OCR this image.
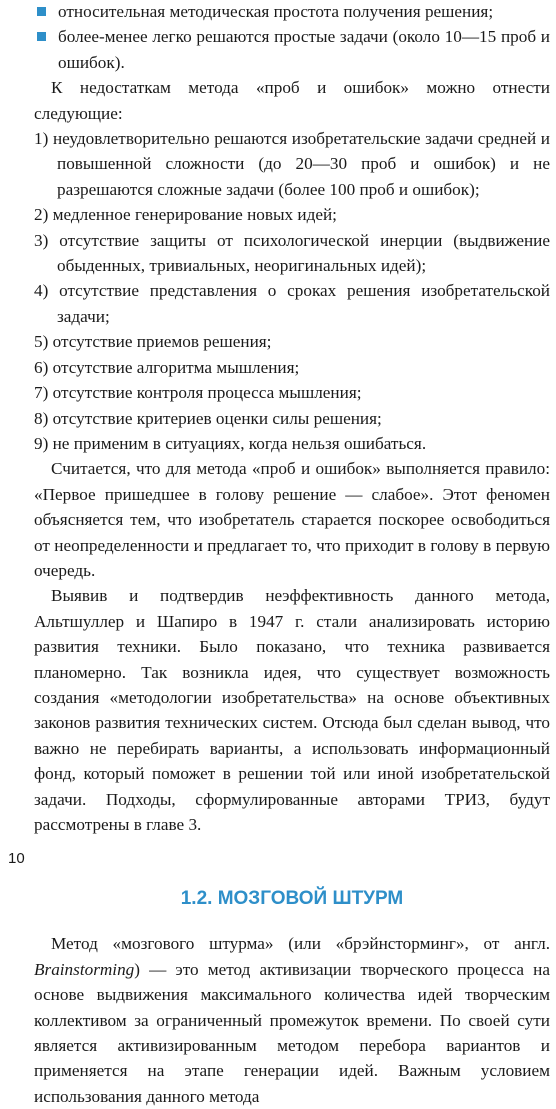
относительная методическая простота получения решения;
более-менее легко решаются простые задачи (около 10—15 проб и ошибок).

К недостаткам метода «проб и ошибок» можно отнести следующие:

1) неудовлетворительно решаются изобретательские задачи средней и повышенной сложности (до 20—30 проб и ошибок) и не разрешаются сложные задачи (более 100 проб и ошибок);

2) медленное генерирование новых идей;

3) отсутствие защиты от психологической инерции (выдвижение обыденных, тривиальных, неоригинальных идей);

4) отсутствие представления о сроках решения изобретательской задачи;

5) отсутствие приемов решения;

6) отсутствие алгоритма мышления;

7) отсутствие контроля процесса мышления;

8) отсутствие критериев оценки силы решения;

9) не применим в ситуациях, когда нельзя ошибаться.

Считается, что для метода «проб и ошибок» выполняется правило: «Первое пришедшее в голову решение — слабое». Этот феномен объясняется тем, что изобретатель старается поскорее освободиться от неопределенности и предлагает то, что приходит в голову в первую очередь.

Выявив и подтвердив неэффективность данного метода, Альтшуллер и Шапиро в 1947 г. стали анализировать историю развития техники. Было показано, что техника развивается планомерно. Так возникла идея, что существует возможность создания «методологии изобретательства» на основе объективных законов развития технических систем. Отсюда был сделан вывод, что важно не перебирать варианты, а использовать информационный фонд, который поможет в решении той или иной изобретательской задачи. Подходы, сформулированные авторами ТРИЗ, будут рассмотрены в главе 3.

1.2. МОЗГОВОЙ ШТУРМ

Метод «мозгового штурма» (или «брэйнсторминг», от англ. Brainstorming) — это метод активизации творческого процесса на основе выдвижения максимального количества идей творческим коллективом за ограниченный промежуток времени. По своей сути является активизированным методом перебора вариантов и применяется на этапе генерации идей. Важным условием использования данного метода

10
